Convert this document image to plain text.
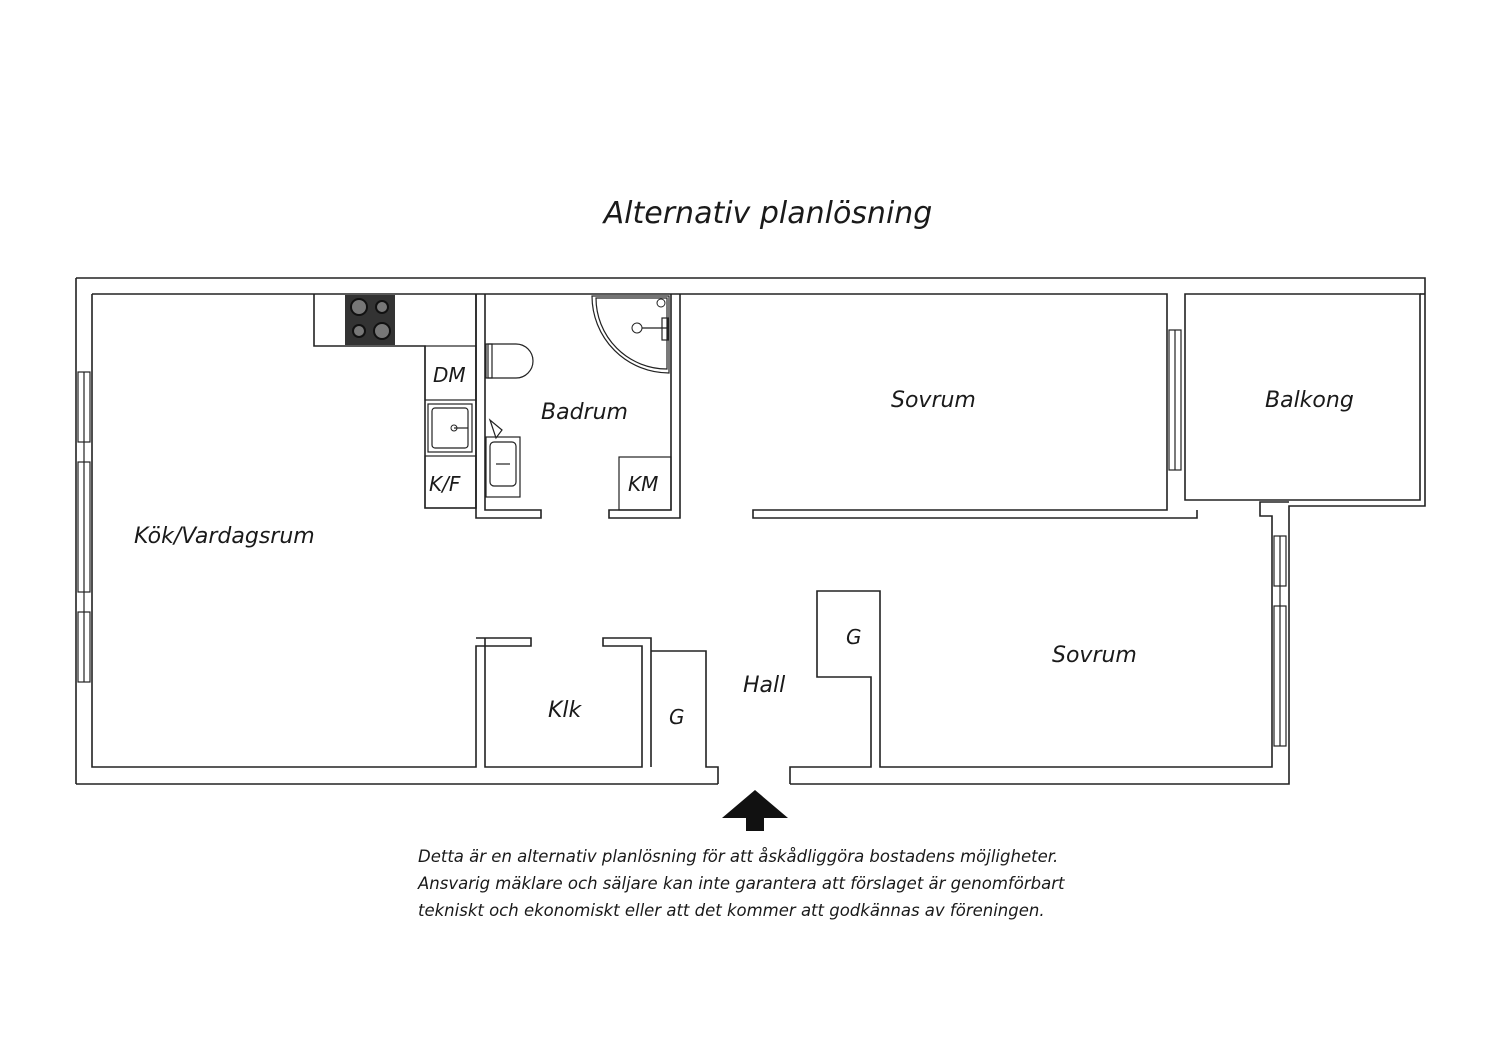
Alternativ planlösning
Kök/Vardagsrum
Badrum	Sovrum	Balkong
Sovrum
Hall
Klk
DM
K/F	KM
G
G
Detta är en alternativ planlösning för att åskådliggöra bostadens möjligheter.
Ansvarig mäklare och säljare kan inte garantera att förslaget är genomförbart
tekniskt och ekonomiskt eller att det kommer att godkännas av föreningen.
